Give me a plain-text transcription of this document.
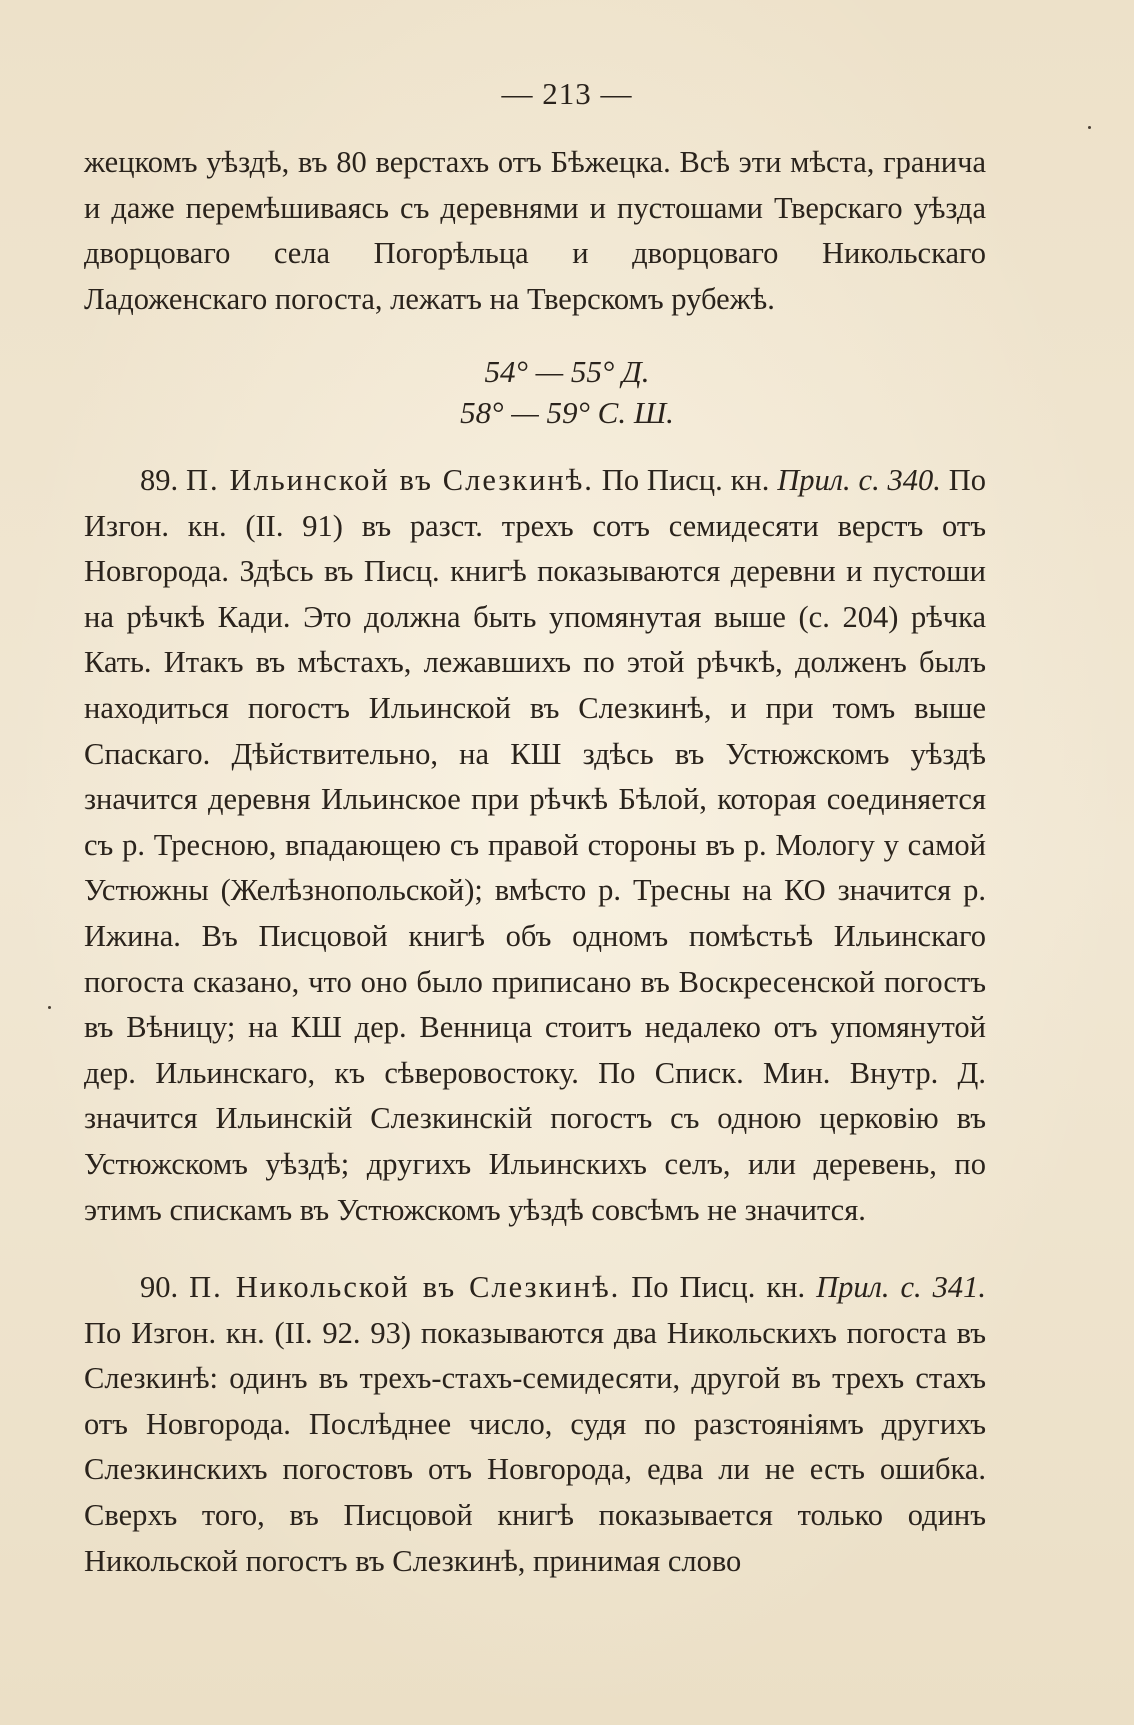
— 213 —

жецкомъ уѣздѣ, въ 80 верстахъ отъ Бѣжецка. Всѣ эти мѣста, гранича и даже перемѣшиваясь съ деревнями и пустошами Тверскаго уѣзда дворцоваго села Погорѣльца и дворцоваго Никольскаго Ладоженскаго погоста, лежатъ на Тверскомъ рубежѣ.

54° — 55° Д.
58° — 59° С. Ш.

89. П. Ильинской въ Слезкинѣ. По Писц. кн. Прил. с. 340. По Изгон. кн. (II. 91) въ разст. трехъ сотъ семидесяти верстъ отъ Новгорода. Здѣсь въ Писц. книгѣ показываются деревни и пустоши на рѣчкѣ Кади. Это должна быть упомянутая выше (с. 204) рѣчка Кать. Итакъ въ мѣстахъ, лежавшихъ по этой рѣчкѣ, долженъ былъ находиться погостъ Ильинской въ Слезкинѣ, и при томъ выше Спаскаго. Дѣйствительно, на КШ здѣсь въ Устюжскомъ уѣздѣ значится деревня Ильинское при рѣчкѣ Бѣлой, которая соединяется съ р. Тресною, впадающею съ правой стороны въ р. Мологу у самой Устюжны (Желѣзнопольской); вмѣсто р. Тресны на КО значится р. Ижина. Въ Писцовой книгѣ объ одномъ помѣстьѣ Ильинскаго погоста сказано, что оно было приписано въ Воскресенской погостъ въ Вѣницу; на КШ дер. Венница стоитъ недалеко отъ упомянутой дер. Ильинскаго, къ сѣверовостоку. По Списк. Мин. Внутр. Д. значится Ильинскій Слезкинскій погостъ съ одною церковію въ Устюжскомъ уѣздѣ; другихъ Ильинскихъ селъ, или деревень, по этимъ спискамъ въ Устюжскомъ уѣздѣ совсѣмъ не значится.

90. П. Никольской въ Слезкинѣ. По Писц. кн. Прил. с. 341. По Изгон. кн. (II. 92. 93) показываются два Никольскихъ погоста въ Слезкинѣ: одинъ въ трехъ-стахъ-семидесяти, другой въ трехъ стахъ отъ Новгорода. Послѣднее число, судя по разстояніямъ другихъ Слезкинскихъ погостовъ отъ Новгорода, едва ли не есть ошибка. Сверхъ того, въ Писцовой книгѣ показывается только одинъ Никольской погостъ въ Слезкинѣ, принимая слово
